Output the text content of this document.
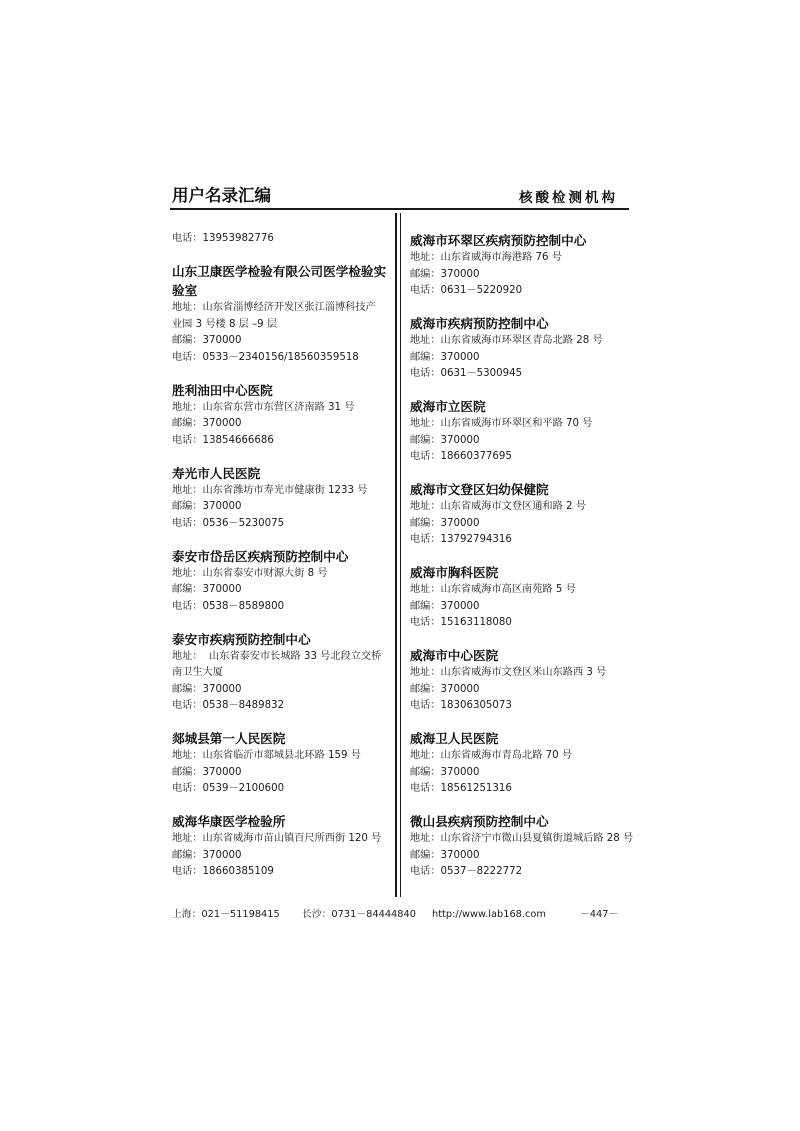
用户名录汇编	核酸检测机构
电话：13953982776
山东卫康医学检验有限公司医学检验实
验室
地址：山东省淄博经济开发区张江淄博科技产
业园 3 号楼 8 层 –9 层
邮编：370000
电话：0533－2340156/18560359518
胜利油田中心医院
地址：山东省东营市东营区济南路 31 号
邮编：370000
电话：13854666686
寿光市人民医院
地址：山东省潍坊市寿光市健康街 1233 号
邮编：370000
电话：0536－5230075
泰安市岱岳区疾病预防控制中心
地址：山东省泰安市财源大街 8 号
邮编：370000
电话：0538－8589800
泰安市疾病预防控制中心
地址：  山东省泰安市长城路 33 号北段立交桥
南卫生大厦
邮编：370000
电话：0538－8489832
郯城县第一人民医院
地址：山东省临沂市郯城县北环路 159 号
邮编：370000
电话：0539－2100600
威海华康医学检验所
地址：山东省威海市苗山镇百尺所西街 120 号
邮编：370000
电话：18660385109
威海市环翠区疾病预防控制中心
地址：山东省威海市海港路 76 号
邮编：370000
电话：0631－5220920
威海市疾病预防控制中心
地址：山东省威海市环翠区青岛北路 28 号
邮编：370000
电话：0631－5300945
威海市立医院
地址：山东省威海市环翠区和平路 70 号
邮编：370000
电话：18660377695
威海市文登区妇幼保健院
地址：山东省威海市文登区通和路 2 号
邮编：370000
电话：13792794316
威海市胸科医院
地址：山东省威海市高区南苑路 5 号
邮编：370000
电话：15163118080
威海市中心医院
地址：山东省威海市文登区米山东路西 3 号
邮编：370000
电话：18306305073
威海卫人民医院
地址：山东省威海市青岛北路 70 号
邮编：370000
电话：18561251316
微山县疾病预防控制中心
地址：山东省济宁市微山县夏镇街道城后路 28 号
邮编：370000
电话：0537－8222772
上海：021－51198415 长沙：0731－84444840 http://www.lab168.com	－447－
